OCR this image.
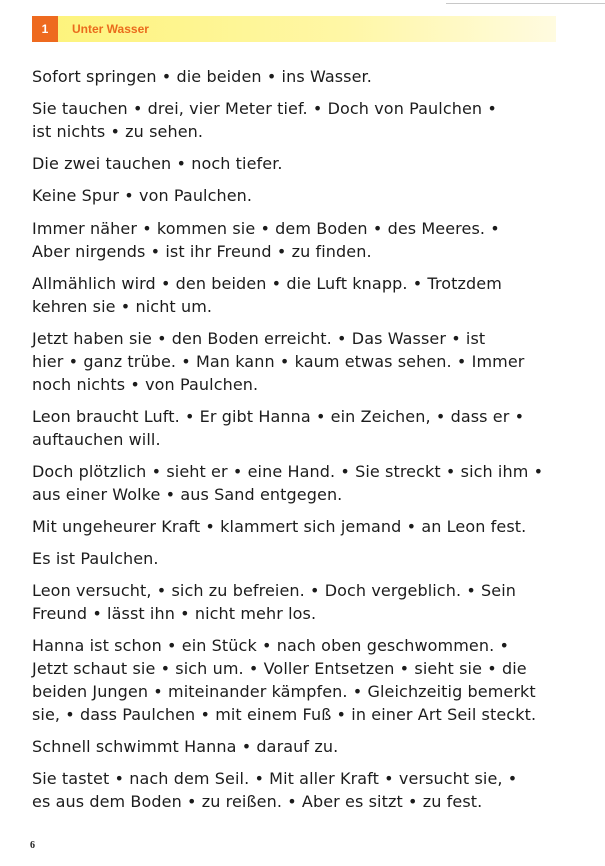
1	Unter Wasser

Sofort springen • die beiden • ins Wasser.

Sie tauchen • drei, vier Meter tief. • Doch von Paulchen •
ist nichts • zu sehen.

Die zwei tauchen • noch tiefer.

Keine Spur • von Paulchen.

Immer näher • kommen sie • dem Boden • des Meeres. •
Aber nirgends • ist ihr Freund • zu finden.

Allmählich wird • den beiden • die Luft knapp. • Trotzdem
kehren sie • nicht um.

Jetzt haben sie • den Boden erreicht. • Das Wasser • ist
hier • ganz trübe. • Man kann • kaum etwas sehen. • Immer
noch nichts • von Paulchen.

Leon braucht Luft. • Er gibt Hanna • ein Zeichen, • dass er •
auftauchen will.

Doch plötzlich • sieht er • eine Hand. • Sie streckt • sich ihm •
aus einer Wolke • aus Sand entgegen.

Mit ungeheurer Kraft • klammert sich jemand • an Leon fest.

Es ist Paulchen.

Leon versucht, • sich zu befreien. • Doch vergeblich. • Sein
Freund • lässt ihn • nicht mehr los.

Hanna ist schon • ein Stück • nach oben geschwommen. •
Jetzt schaut sie • sich um. • Voller Entsetzen • sieht sie • die
beiden Jungen • miteinander kämpfen. • Gleichzeitig bemerkt
sie, • dass Paulchen • mit einem Fuß • in einer Art Seil steckt.

Schnell schwimmt Hanna • darauf zu.

Sie tastet • nach dem Seil. • Mit aller Kraft • versucht sie, •
es aus dem Boden • zu reißen. • Aber es sitzt • zu fest.

6
